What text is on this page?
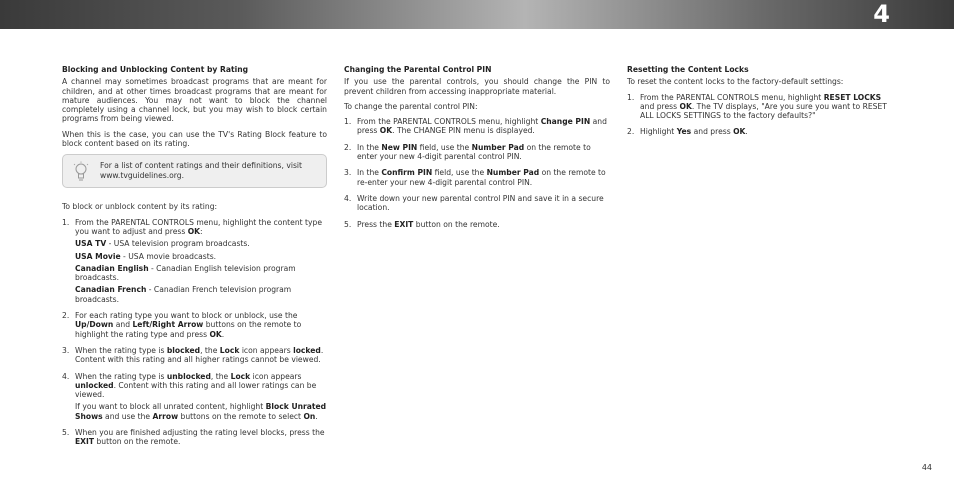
4
Blocking and Unblocking Content by Rating

A channel may sometimes broadcast programs that are meant for children, and at other times broadcast programs that are meant for mature audiences. You may not want to block the channel completely using a channel lock, but you may wish to block certain programs from being viewed.

When this is the case, you can use the TV's Rating Block feature to block content based on its rating.

For a list of content ratings and their definitions, visit www.tvguidelines.org.

To block or unblock content by its rating:

1. From the PARENTAL CONTROLS menu, highlight the content type you want to adjust and press OK:
USA TV - USA television program broadcasts.
USA Movie - USA movie broadcasts.
Canadian English - Canadian English television program broadcasts.
Canadian French - Canadian French television program broadcasts.
2. For each rating type you want to block or unblock, use the Up/Down and Left/Right Arrow buttons on the remote to highlight the rating type and press OK.
3. When the rating type is blocked, the Lock icon appears locked. Content with this rating and all higher ratings cannot be viewed.
4. When the rating type is unblocked, the Lock icon appears unlocked. Content with this rating and all lower ratings can be viewed.
If you want to block all unrated content, highlight Block Unrated Shows and use the Arrow buttons on the remote to select On.
5. When you are finished adjusting the rating level blocks, press the EXIT button on the remote.
Changing the Parental Control PIN

If you use the parental controls, you should change the PIN to prevent children from accessing inappropriate material.

To change the parental control PIN:

1. From the PARENTAL CONTROLS menu, highlight Change PIN and press OK. The CHANGE PIN menu is displayed.
2. In the New PIN field, use the Number Pad on the remote to enter your new 4-digit parental control PIN.
3. In the Confirm PIN field, use the Number Pad on the remote to re-enter your new 4-digit parental control PIN.
4. Write down your new parental control PIN and save it in a secure location.
5. Press the EXIT button on the remote.
Resetting the Content Locks

To reset the content locks to the factory-default settings:

1. From the PARENTAL CONTROLS menu, highlight RESET LOCKS and press OK. The TV displays, "Are you sure you want to RESET ALL LOCKS SETTINGS to the factory defaults?"
2. Highlight Yes and press OK.
44
